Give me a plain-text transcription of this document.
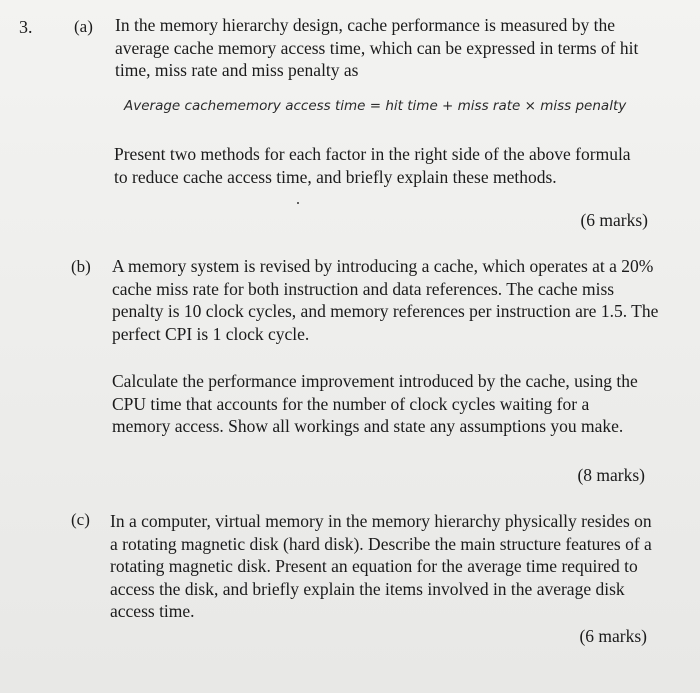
3. (a) In the memory hierarchy design, cache performance is measured by the average cache memory access time, which can be expressed in terms of hit time, miss rate and miss penalty as

Average cachememory access time = hit time + miss rate × miss penalty

Present two methods for each factor in the right side of the above formula to reduce cache access time, and briefly explain these methods.

(6 marks)
(b) A memory system is revised by introducing a cache, which operates at a 20% cache miss rate for both instruction and data references. The cache miss penalty is 10 clock cycles, and memory references per instruction are 1.5. The perfect CPI is 1 clock cycle.

Calculate the performance improvement introduced by the cache, using the CPU time that accounts for the number of clock cycles waiting for a memory access. Show all workings and state any assumptions you make.

(8 marks)
(c) In a computer, virtual memory in the memory hierarchy physically resides on a rotating magnetic disk (hard disk). Describe the main structure features of a rotating magnetic disk. Present an equation for the average time required to access the disk, and briefly explain the items involved in the average disk access time.

(6 marks)
